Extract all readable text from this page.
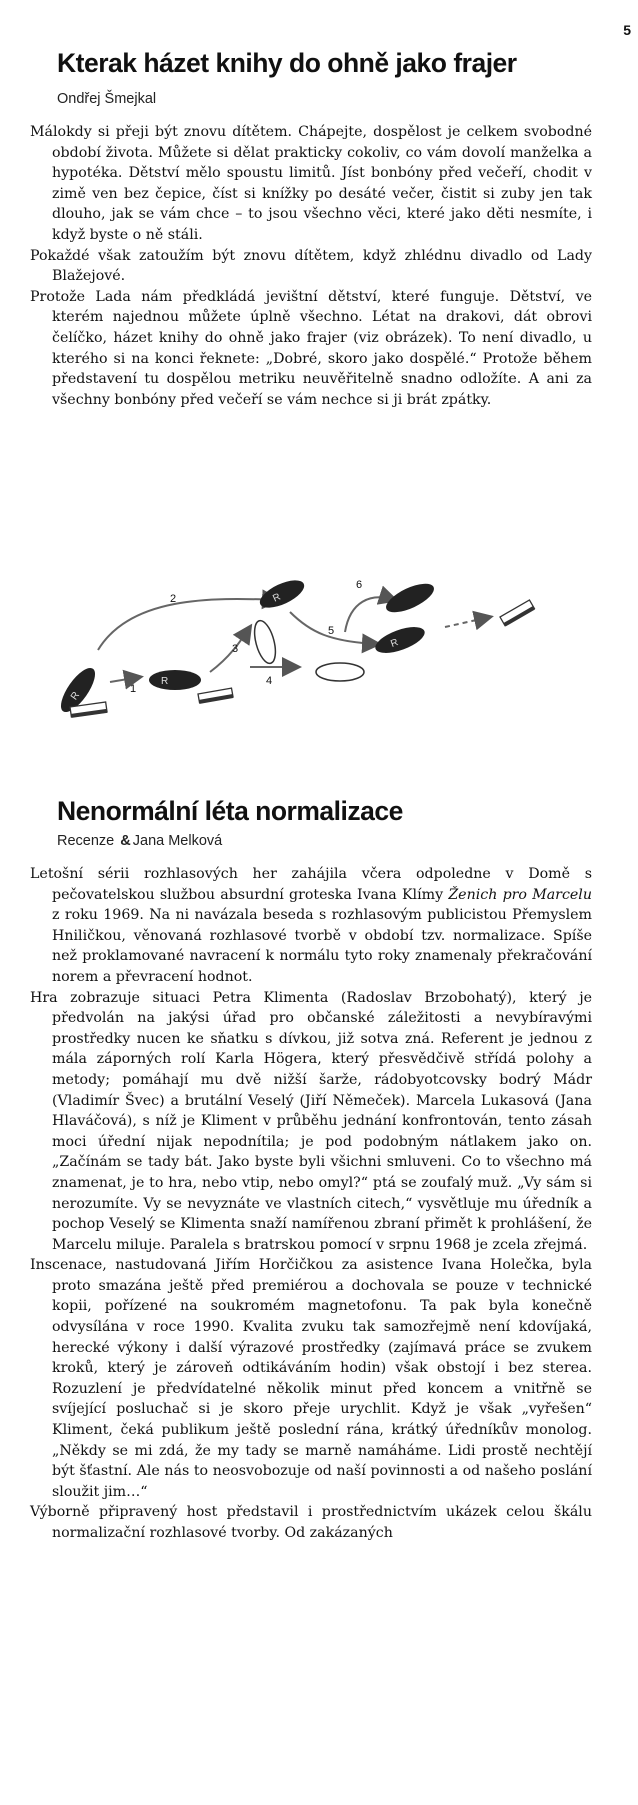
5
Kterak házet knihy do ohně jako frajer
Ondřej Šmejkal

Málokdy si přeji být znovu dítětem. Chápejte, dospělost je celkem svobodné období života. Můžete si dělat prakticky cokoliv, co vám dovolí manželka a hypotéka. Dětství mělo spoustu limitů. Jíst bonbóny před večeří, chodit v zimě ven bez čepice, číst si knížky po desáté večer, čistit si zuby jen tak dlouho, jak se vám chce – to jsou všechno věci, které jako děti nesmíte, i když byste o ně stáli.

Pokaždé však zatoužím být znovu dítětem, když zhlédnu divadlo od Lady Blažejové.

Protože Lada nám předkládá jevištní dětství, které funguje. Dětství, ve kterém najednou můžete úplně všechno. Létat na drakovi, dát obrovi čelíčko, házet knihy do ohně jako frajer (viz obrázek). To není divadlo, u kterého si na konci řeknete: „Dobré, skoro jako dospělé.“ Protože během představení tu dospělou metriku neuvěřitelně snadno odložíte. A ani za všechny bonbóny před večeří se vám nechce si ji brát zpátky.

R
R
R
R
2
1
3
4
5
6
Nenormální léta normalizace
Recenze & Jana Melková

Letošní sérii rozhlasových her zahájila včera odpoledne v Domě s pečovatelskou službou absurdní groteska Ivana Klímy Ženich pro Marcelu z roku 1969. Na ni navázala beseda s rozhlasovým publicistou Přemyslem Hniličkou, věnovaná rozhlasové tvorbě v období tzv. normalizace. Spíše než proklamované navracení k normálu tyto roky znamenaly překračování norem a převracení hodnot.

Hra zobrazuje situaci Petra Klimenta (Radoslav Brzobohatý), který je předvolán na jakýsi úřad pro občanské záležitosti a nevybíravými prostředky nucen ke sňatku s dívkou, již sotva zná. Referent je jednou z mála záporných rolí Karla Högera, který přesvědčivě střídá polohy a metody; pomáhají mu dvě nižší šarže, rádobyotcovsky bodrý Mádr (Vladimír Švec) a brutální Veselý (Jiří Němeček). Marcela Lukasová (Jana Hlaváčová), s níž je Kliment v průběhu jednání konfrontován, tento zásah moci úřední nijak nepodnítila; je pod podobným nátlakem jako on. „Začínám se tady bát. Jako byste byli všichni smluveni. Co to všechno má znamenat, je to hra, nebo vtip, nebo omyl?“ ptá se zoufalý muž. „Vy sám si nerozumíte. Vy se nevyznáte ve vlastních citech,“ vysvětluje mu úředník a pochop Veselý se Klimenta snaží namířenou zbraní přimět k prohlášení, že Marcelu miluje. Paralela s bratrskou pomocí v srpnu 1968 je zcela zřejmá.

Inscenace, nastudovaná Jiřím Horčičkou za asistence Ivana Holečka, byla proto smazána ještě před premiérou a dochovala se pouze v technické kopii, pořízené na soukromém magnetofonu. Ta pak byla konečně odvysílána v roce 1990. Kvalita zvuku tak samozřejmě není kdovíjaká, herecké výkony i další výrazové prostředky (zajímavá práce se zvukem kroků, který je zároveň odtikáváním hodin) však obstojí i bez sterea. Rozuzlení je předvídatelné několik minut před koncem a vnitřně se svíjející posluchač si je skoro přeje urychlit. Když je však „vyřešen“ Kliment, čeká publikum ještě poslední rána, krátký úředníkův monolog. „Někdy se mi zdá, že my tady se marně namáháme. Lidi prostě nechtějí být šťastní. Ale nás to neosvobozuje od naší povinnosti a od našeho poslání sloužit jim…“

Výborně připravený host představil i prostřednictvím ukázek celou škálu normalizační rozhlasové tvorby. Od zakázaných
